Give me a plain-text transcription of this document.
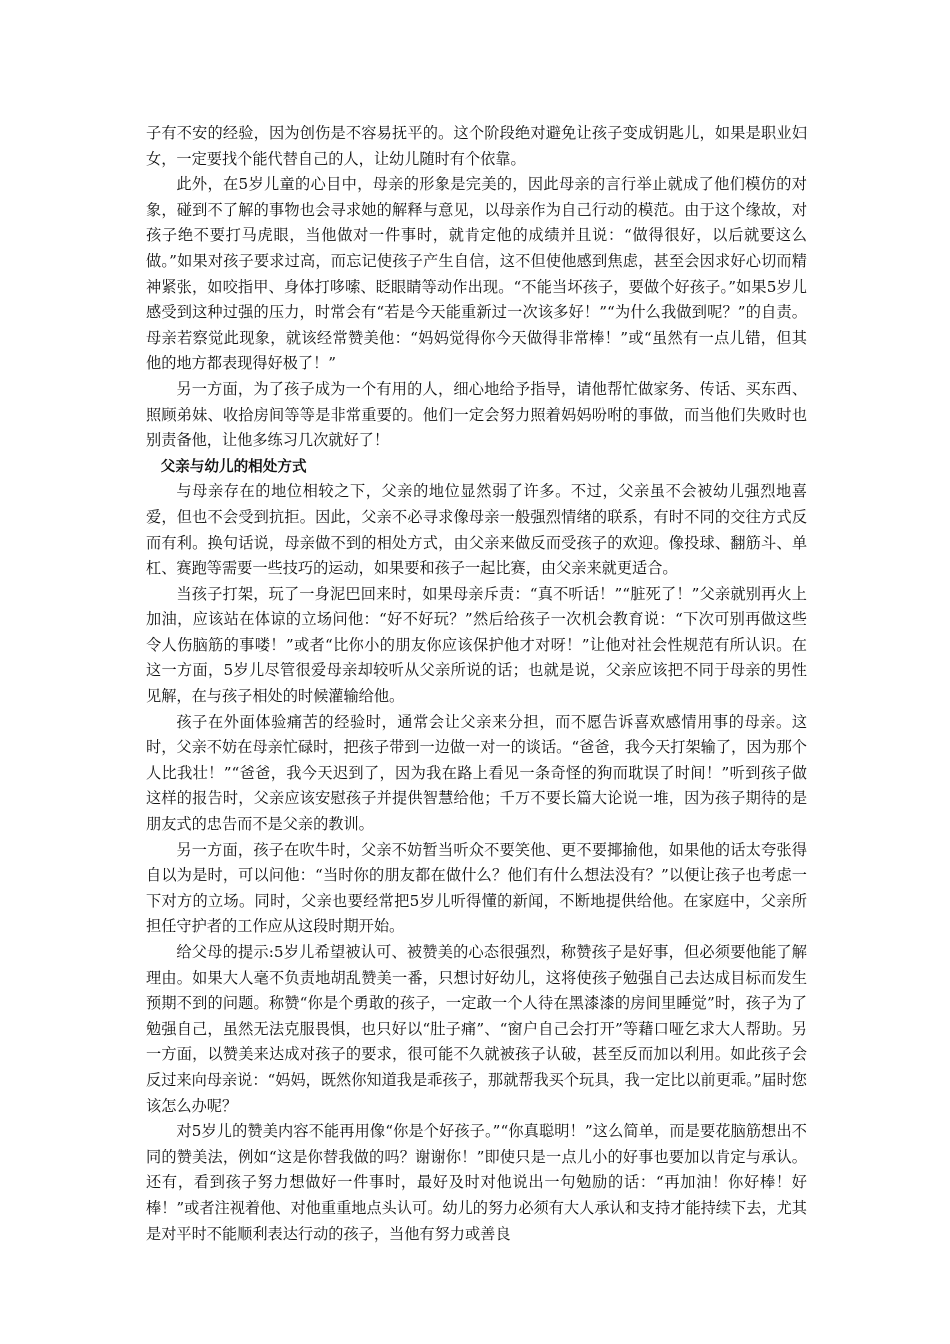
子有不安的经验，因为创伤是不容易抚平的。这个阶段绝对避免让孩子变成钥匙儿，如果是职业妇女，一定要找个能代替自己的人，让幼儿随时有个依靠。

此外，在5岁儿童的心目中，母亲的形象是完美的，因此母亲的言行举止就成了他们模仿的对象，碰到不了解的事物也会寻求她的解释与意见，以母亲作为自己行动的模范。由于这个缘故，对孩子绝不要打马虎眼，当他做对一件事时，就肯定他的成绩并且说：“做得很好，以后就要这么做。”如果对孩子要求过高，而忘记使孩子产生自信，这不但使他感到焦虑，甚至会因求好心切而精神紧张，如咬指甲、身体打哆嗦、眨眼睛等动作出现。“不能当坏孩子，要做个好孩子。”如果5岁儿感受到这种过强的压力，时常会有“若是今天能重新过一次该多好！”“为什么我做到呢？”的自责。母亲若察觉此现象，就该经常赞美他：“妈妈觉得你今天做得非常棒！”或“虽然有一点儿错，但其他的地方都表现得好极了！”

另一方面，为了孩子成为一个有用的人，细心地给予指导，请他帮忙做家务、传话、买东西、照顾弟妹、收拾房间等等是非常重要的。他们一定会努力照着妈妈吩咐的事做，而当他们失败时也别责备他，让他多练习几次就好了！

父亲与幼儿的相处方式

与母亲存在的地位相较之下，父亲的地位显然弱了许多。不过，父亲虽不会被幼儿强烈地喜爱，但也不会受到抗拒。因此，父亲不必寻求像母亲一般强烈情绪的联系，有时不同的交往方式反而有利。换句话说，母亲做不到的相处方式，由父亲来做反而受孩子的欢迎。像投球、翻筋斗、单杠、赛跑等需要一些技巧的运动，如果要和孩子一起比赛，由父亲来就更适合。

当孩子打架，玩了一身泥巴回来时，如果母亲斥责：“真不听话！”“脏死了！”父亲就别再火上加油，应该站在体谅的立场问他：“好不好玩？”然后给孩子一次机会教育说：“下次可别再做这些令人伤脑筋的事喽！”或者“比你小的朋友你应该保护他才对呀！”让他对社会性规范有所认识。在这一方面，5岁儿尽管很爱母亲却较听从父亲所说的话；也就是说，父亲应该把不同于母亲的男性见解，在与孩子相处的时候灌输给他。

孩子在外面体验痛苦的经验时，通常会让父亲来分担，而不愿告诉喜欢感情用事的母亲。这时，父亲不妨在母亲忙碌时，把孩子带到一边做一对一的谈话。“爸爸，我今天打架输了，因为那个人比我壮！”“爸爸，我今天迟到了，因为我在路上看见一条奇怪的狗而耽误了时间！”听到孩子做这样的报告时，父亲应该安慰孩子并提供智慧给他；千万不要长篇大论说一堆，因为孩子期待的是朋友式的忠告而不是父亲的教训。

另一方面，孩子在吹牛时，父亲不妨暂当听众不要笑他、更不要揶揄他，如果他的话太夸张得自以为是时，可以问他：“当时你的朋友都在做什么？他们有什么想法没有？”以便让孩子也考虑一下对方的立场。同时，父亲也要经常把5岁儿听得懂的新闻，不断地提供给他。在家庭中，父亲所担任守护者的工作应从这段时期开始。

给父母的提示:5岁儿希望被认可、被赞美的心态很强烈，称赞孩子是好事，但必须要他能了解理由。如果大人毫不负责地胡乱赞美一番，只想讨好幼儿，这将使孩子勉强自己去达成目标而发生预期不到的问题。称赞“你是个勇敢的孩子，一定敢一个人待在黑漆漆的房间里睡觉”时，孩子为了勉强自己，虽然无法克服畏惧，也只好以“肚子痛”、“窗户自己会打开”等藉口哑乞求大人帮助。另一方面，以赞美来达成对孩子的要求，很可能不久就被孩子认破，甚至反而加以利用。如此孩子会反过来向母亲说：“妈妈，既然你知道我是乖孩子，那就帮我买个玩具，我一定比以前更乖。”届时您该怎么办呢？

对5岁儿的赞美内容不能再用像“你是个好孩子。”“你真聪明！”这么简单，而是要花脑筋想出不同的赞美法，例如“这是你替我做的吗？谢谢你！”即使只是一点儿小的好事也要加以肯定与承认。还有，看到孩子努力想做好一件事时，最好及时对他说出一句勉励的话：“再加油！你好棒！好棒！”或者注视着他、对他重重地点头认可。幼儿的努力必须有大人承认和支持才能持续下去，尤其是对平时不能顺利表达行动的孩子，当他有努力或善良
